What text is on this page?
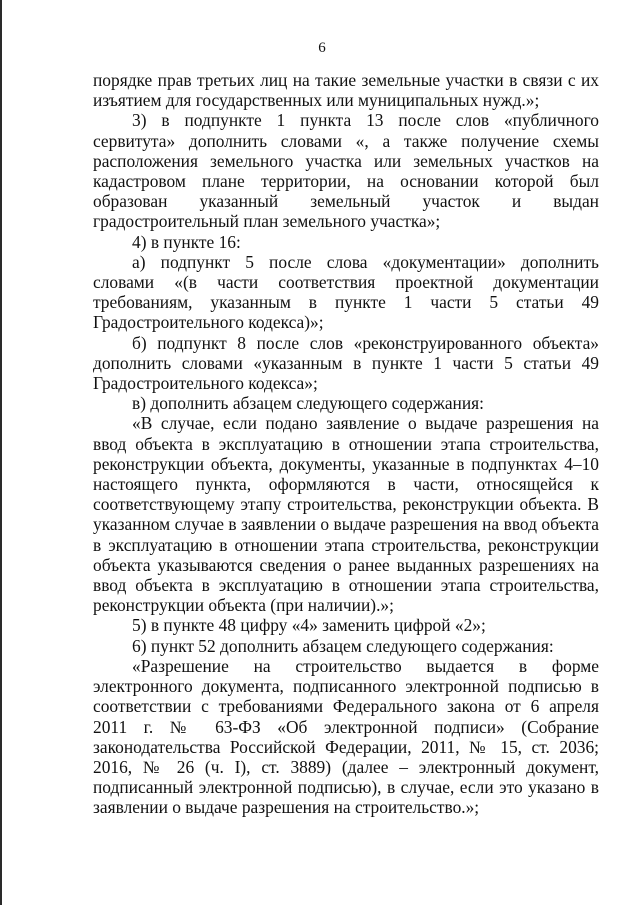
6

порядке прав третьих лиц на такие земельные участки в связи с их изъятием для государственных или муниципальных нужд.»;

3) в подпункте 1 пункта 13 после слов «публичного сервитута» дополнить словами «, а также получение схемы расположения земельного участка или земельных участков на кадастровом плане территории, на основании которой был образован указанный земельный участок и выдан градостроительный план земельного участка»;

4) в пункте 16:

а) подпункт 5 после слова «документации» дополнить словами «(в части соответствия проектной документации требованиям, указанным в пункте 1 части 5 статьи 49 Градостроительного кодекса)»;

б) подпункт 8 после слов «реконструированного объекта» дополнить словами «указанным в пункте 1 части 5 статьи 49 Градостроительного кодекса»;

в) дополнить абзацем следующего содержания:

«В случае, если подано заявление о выдаче разрешения на ввод объекта в эксплуатацию в отношении этапа строительства, реконструкции объекта, документы, указанные в подпунктах 4–10 настоящего пункта, оформляются в части, относящейся к соответствующему этапу строительства, реконструкции объекта. В указанном случае в заявлении о выдаче разрешения на ввод объекта в эксплуатацию в отношении этапа строительства, реконструкции объекта указываются сведения о ранее выданных разрешениях на ввод объекта в эксплуатацию в отношении этапа строительства, реконструкции объекта (при наличии).»;

5) в пункте 48 цифру «4» заменить цифрой «2»;

6) пункт 52 дополнить абзацем следующего содержания:

«Разрешение на строительство выдается в форме электронного документа, подписанного электронной подписью в соответствии с требованиями Федерального закона от 6 апреля 2011 г. № 63-ФЗ «Об электронной подписи» (Собрание законодательства Российской Федерации, 2011, № 15, ст. 2036; 2016, № 26 (ч. I), ст. 3889) (далее – электронный документ, подписанный электронной подписью), в случае, если это указано в заявлении о выдаче разрешения на строительство.»;
